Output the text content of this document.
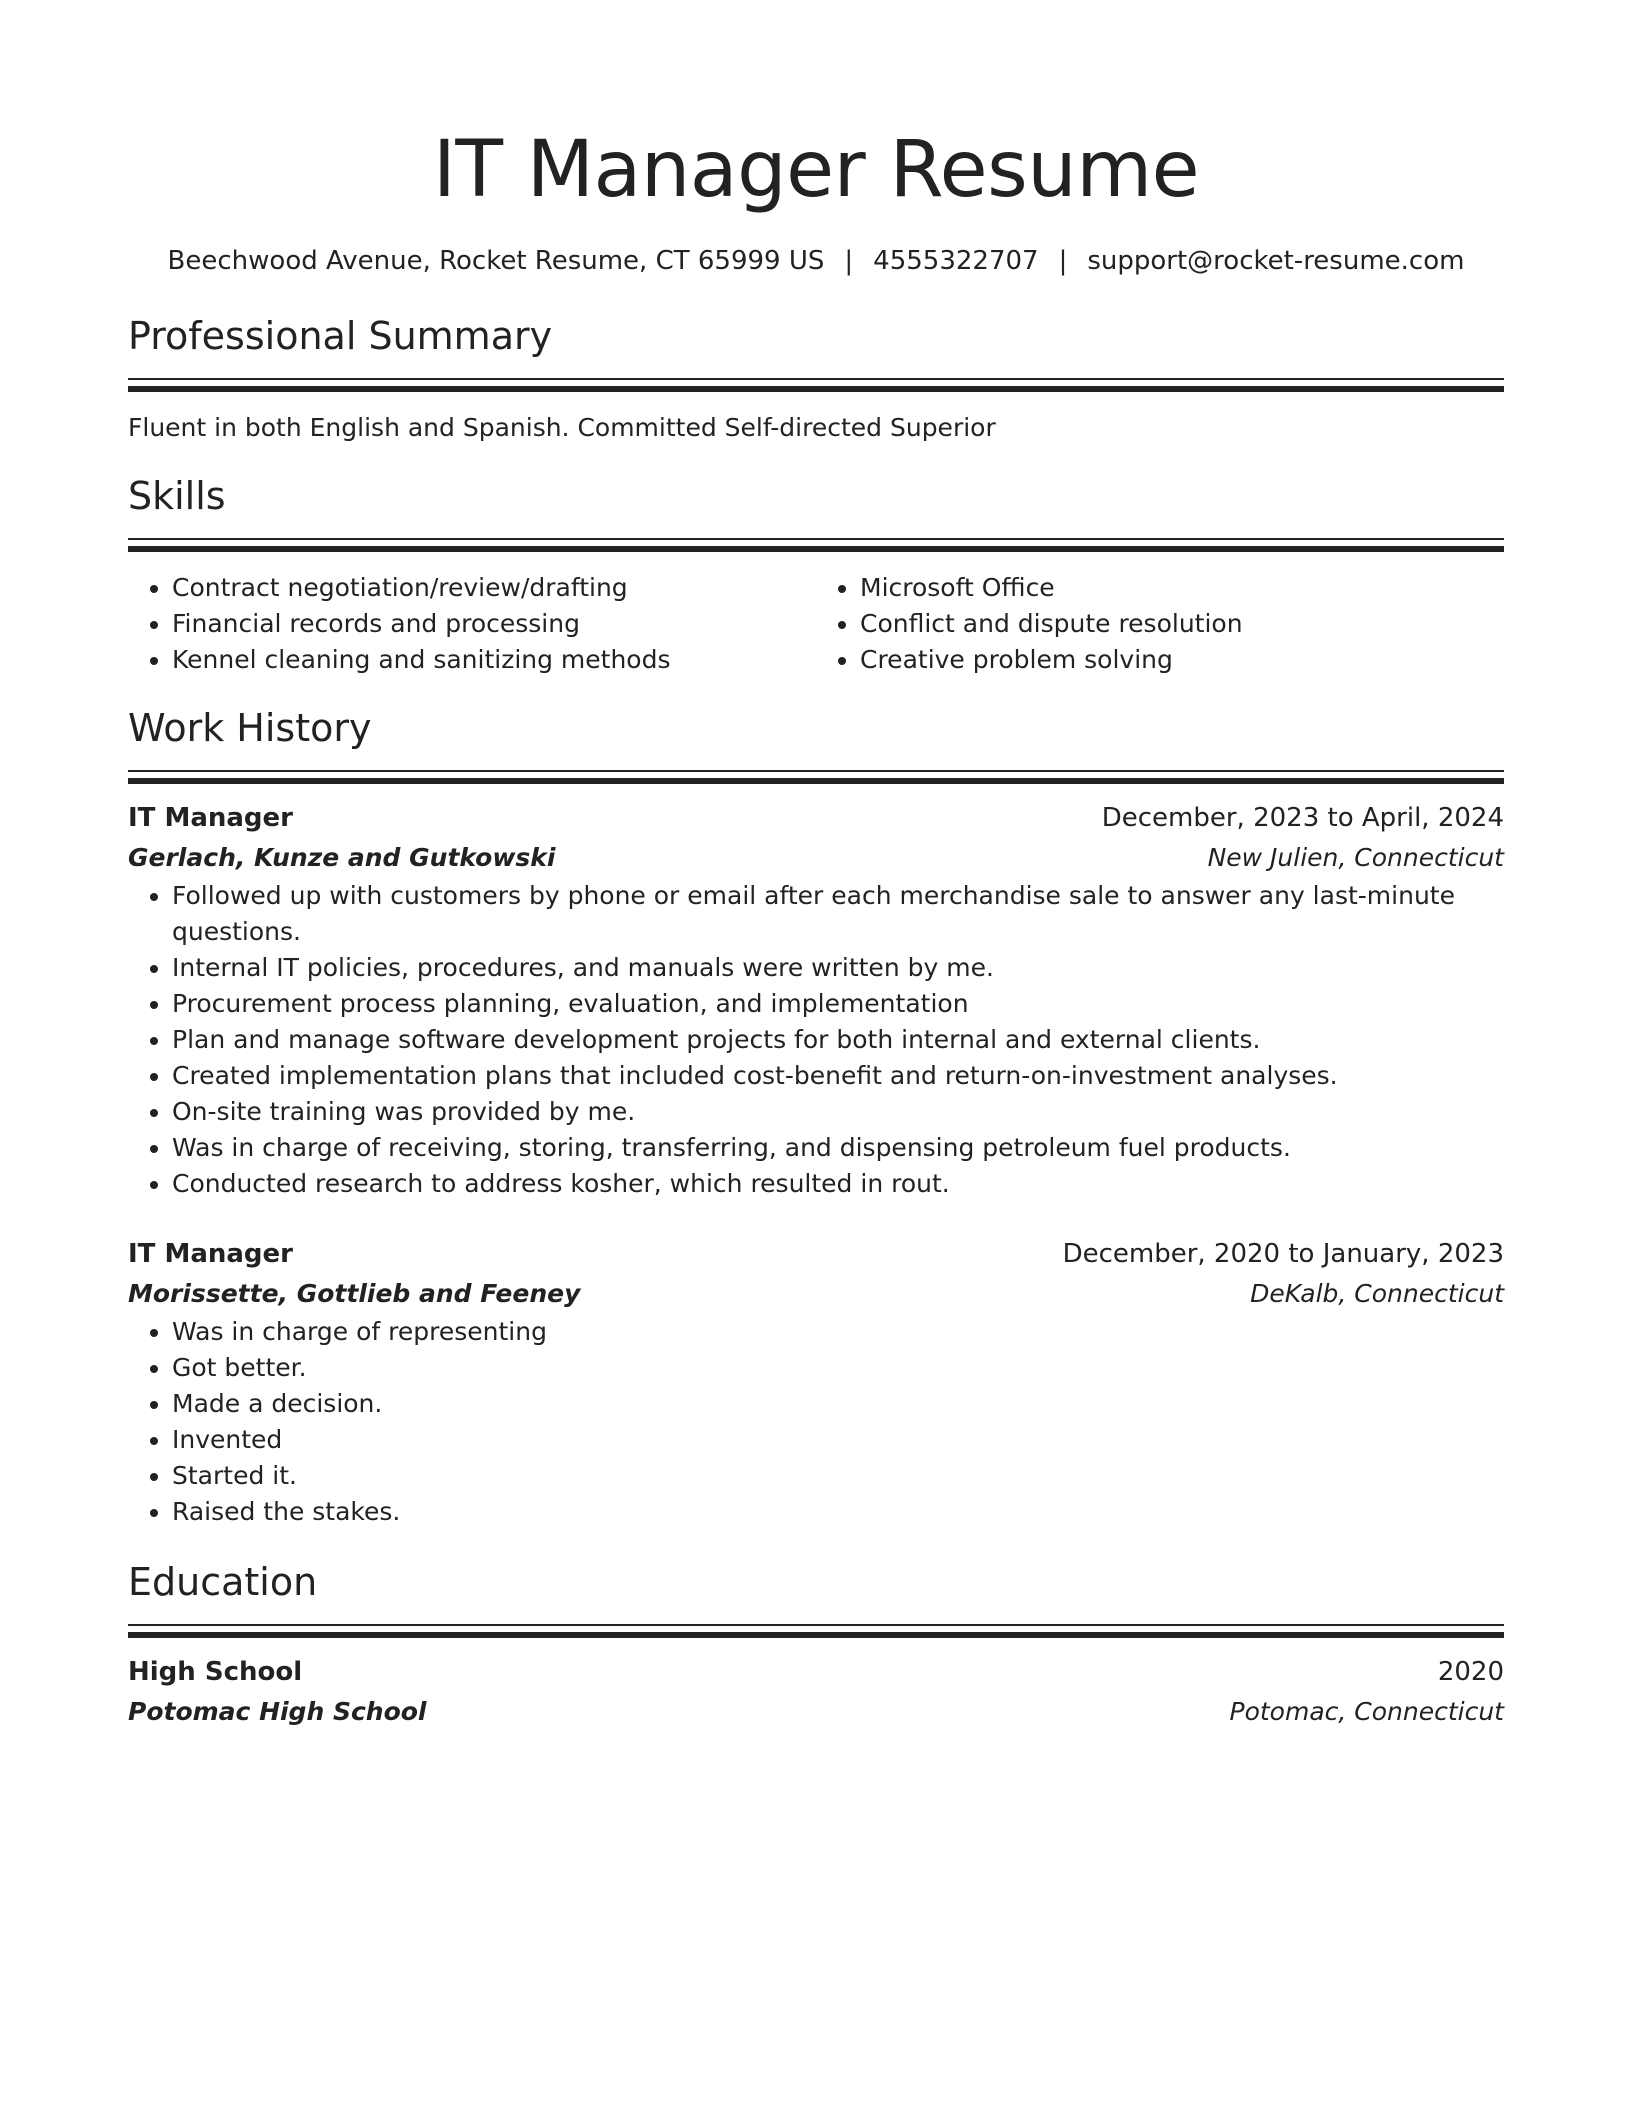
IT Manager Resume
Beechwood Avenue, Rocket Resume, CT 65999 US | 4555322707 | support@rocket-resume.com
Professional Summary
Fluent in both English and Spanish. Committed Self-directed Superior
Skills
• Contract negotiation/review/drafting
• Financial records and processing
• Kennel cleaning and sanitizing methods
• Microsoft Office
• Conflict and dispute resolution
• Creative problem solving
Work History
IT Manager	December, 2023 to April, 2024
Gerlach, Kunze and Gutkowski	New Julien, Connecticut
• Followed up with customers by phone or email after each merchandise sale to answer any last-minute questions.
• Internal IT policies, procedures, and manuals were written by me.
• Procurement process planning, evaluation, and implementation
• Plan and manage software development projects for both internal and external clients.
• Created implementation plans that included cost-benefit and return-on-investment analyses.
• On-site training was provided by me.
• Was in charge of receiving, storing, transferring, and dispensing petroleum fuel products.
• Conducted research to address kosher, which resulted in rout.
IT Manager	December, 2020 to January, 2023
Morissette, Gottlieb and Feeney	DeKalb, Connecticut
• Was in charge of representing
• Got better.
• Made a decision.
• Invented
• Started it.
• Raised the stakes.
Education
High School	2020
Potomac High School	Potomac, Connecticut
